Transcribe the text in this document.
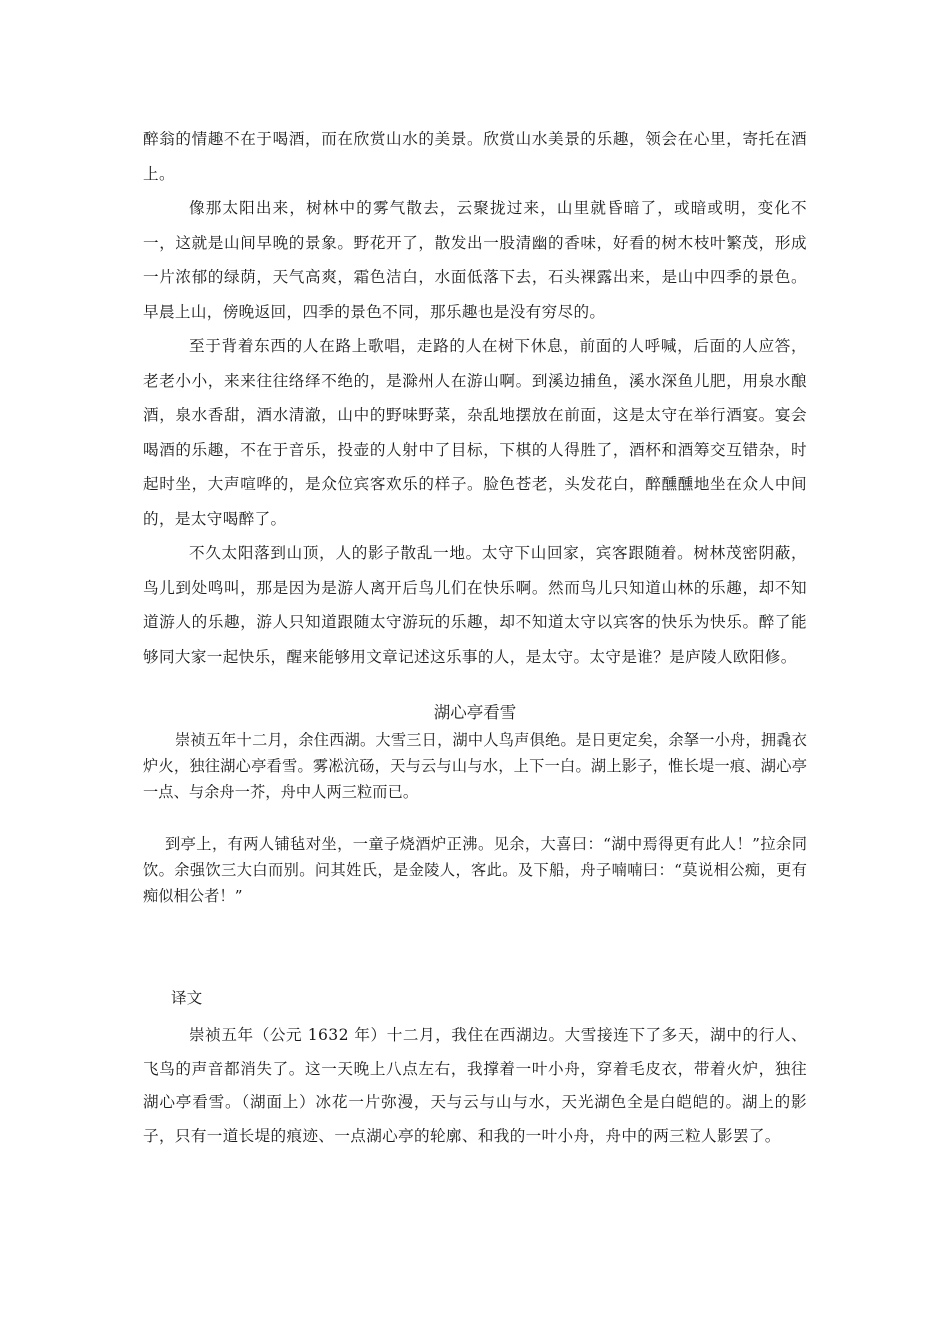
醉翁的情趣不在于喝酒，而在欣赏山水的美景。欣赏山水美景的乐趣，领会在心里，寄托在酒上。

像那太阳出来，树林中的雾气散去，云聚拢过来，山里就昏暗了，或暗或明，变化不一，这就是山间早晚的景象。野花开了，散发出一股清幽的香味，好看的树木枝叶繁茂，形成一片浓郁的绿荫，天气高爽，霜色洁白，水面低落下去，石头裸露出来，是山中四季的景色。早晨上山，傍晚返回，四季的景色不同，那乐趣也是没有穷尽的。

至于背着东西的人在路上歌唱，走路的人在树下休息，前面的人呼喊，后面的人应答，老老小小，来来往往络绎不绝的，是滁州人在游山啊。到溪边捕鱼，溪水深鱼儿肥，用泉水酿酒，泉水香甜，酒水清澈，山中的野味野菜，杂乱地摆放在前面，这是太守在举行酒宴。宴会喝酒的乐趣，不在于音乐，投壶的人射中了目标，下棋的人得胜了，酒杯和酒筹交互错杂，时起时坐，大声喧哗的，是众位宾客欢乐的样子。脸色苍老，头发花白，醉醺醺地坐在众人中间的，是太守喝醉了。

不久太阳落到山顶，人的影子散乱一地。太守下山回家，宾客跟随着。树林茂密阴蔽，鸟儿到处鸣叫，那是因为是游人离开后鸟儿们在快乐啊。然而鸟儿只知道山林的乐趣，却不知道游人的乐趣，游人只知道跟随太守游玩的乐趣，却不知道太守以宾客的快乐为快乐。醉了能够同大家一起快乐，醒来能够用文章记述这乐事的人，是太守。太守是谁？是庐陵人欧阳修。

湖心亭看雪

崇祯五年十二月，余住西湖。大雪三日，湖中人鸟声俱绝。是日更定矣，余拏一小舟，拥毳衣炉火，独往湖心亭看雪。雾凇沆砀，天与云与山与水，上下一白。湖上影子，惟长堤一痕、湖心亭一点、与余舟一芥，舟中人两三粒而已。

到亭上，有两人铺毡对坐，一童子烧酒炉正沸。见余，大喜曰：“湖中焉得更有此人！”拉余同饮。余强饮三大白而别。问其姓氏，是金陵人，客此。及下船，舟子喃喃曰：“莫说相公痴，更有痴似相公者！”

译文

崇祯五年（公元 1632 年）十二月，我住在西湖边。大雪接连下了多天，湖中的行人、飞鸟的声音都消失了。这一天晚上八点左右，我撑着一叶小舟，穿着毛皮衣，带着火炉，独往湖心亭看雪。（湖面上）冰花一片弥漫，天与云与山与水，天光湖色全是白皑皑的。湖上的影子，只有一道长堤的痕迹、一点湖心亭的轮廓、和我的一叶小舟，舟中的两三粒人影罢了。
